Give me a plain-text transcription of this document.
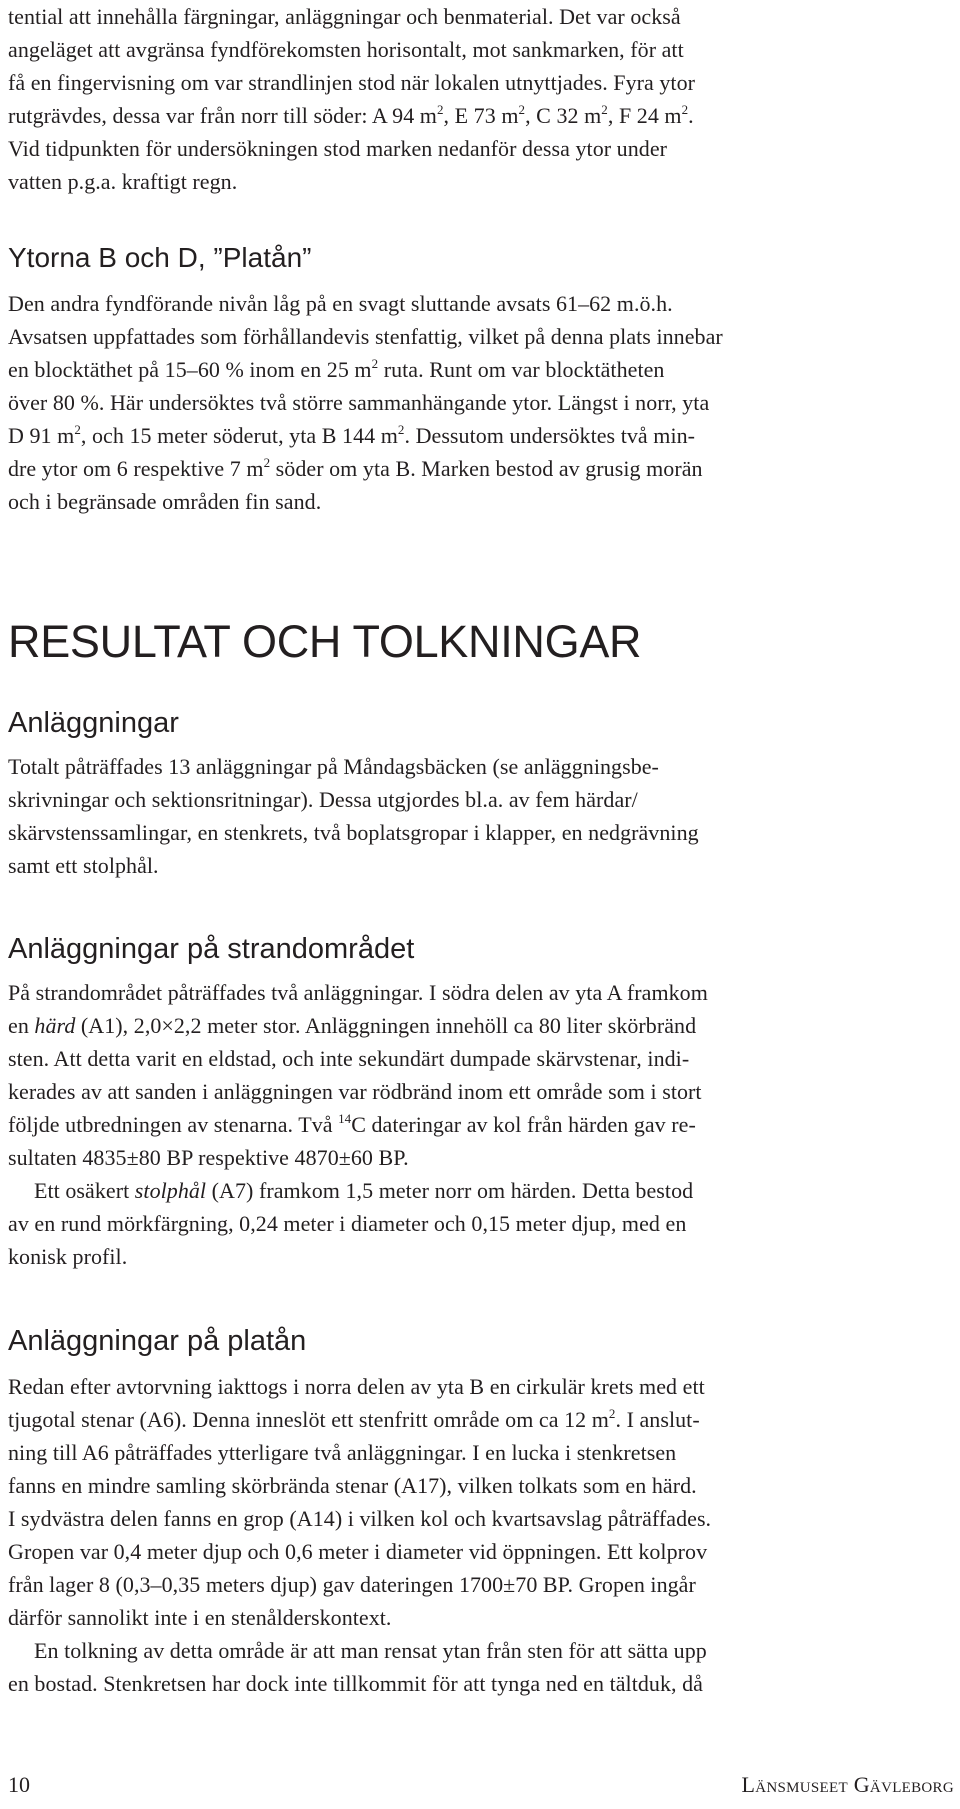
tential att innehålla färgningar, anläggningar och benmaterial. Det var också
angeläget att avgränsa fyndförekomsten horisontalt, mot sankmarken, för att
få en fingervisning om var strandlinjen stod när lokalen utnyttjades. Fyra ytor
rutgrävdes, dessa var från norr till söder: A 94 $m^2$, E 73 $m^2$, C 32 $m^2$, F 24 $m^2$.
Vid tidpunkten för undersökningen stod marken nedanför dessa ytor under
vatten p.g.a. kraftigt regn.
Ytorna B och D, ”Platån”
Den andra fyndförande nivån låg på en svagt sluttande avsats 61–62 m.ö.h.
Avsatsen uppfattades som förhållandevis stenfattig, vilket på denna plats innebar
en blocktäthet på 15–60 % inom en 25 $m^2$ ruta. Runt om var blocktätheten
över 80 %. Här undersöktes två större sammanhängande ytor. Längst i norr, yta
D 91 $m^2$, och 15 meter söderut, yta B 144 $m^2$. Dessutom undersöktes två min-
dre ytor om 6 respektive 7 $m^2$ söder om yta B. Marken bestod av grusig morän
och i begränsade områden fin sand.
RESULTAT OCH TOLKNINGAR
Anläggningar
Totalt påträffades 13 anläggningar på Måndagsbäcken (se anläggningsbe-
skrivningar och sektionsritningar). Dessa utgjordes bl.a. av fem härdar/
skärvstenssamlingar, en stenkrets, två boplatsgropar i klapper, en nedgrävning
samt ett stolphål.
Anläggningar på strandområdet
På strandområdet påträffades två anläggningar. I södra delen av yta A framkom
en härd (A1), 2,0×2,2 meter stor. Anläggningen innehöll ca 80 liter skörbränd
sten. Att detta varit en eldstad, och inte sekundärt dumpade skärvstenar, indi-
kerades av att sanden i anläggningen var rödbränd inom ett område som i stort
följde utbredningen av stenarna. Två $^{14}$C dateringar av kol från härden gav re-
sultaten 4835±80 BP respektive 4870±60 BP.
Ett osäkert stolphål (A7) framkom 1,5 meter norr om härden. Detta bestod
av en rund mörkfärgning, 0,24 meter i diameter och 0,15 meter djup, med en
konisk profil.
Anläggningar på platån
Redan efter avtorvning iakttogs i norra delen av yta B en cirkulär krets med ett
tjugotal stenar (A6). Denna inneslöt ett stenfritt område om ca 12 $m^2$. I anslut-
ning till A6 påträffades ytterligare två anläggningar. I en lucka i stenkretsen
fanns en mindre samling skörbrända stenar (A17), vilken tolkats som en härd.
I sydvästra delen fanns en grop (A14) i vilken kol och kvartsavslag påträffades.
Gropen var 0,4 meter djup och 0,6 meter i diameter vid öppningen. Ett kolprov
från lager 8 (0,3–0,35 meters djup) gav dateringen 1700±70 BP. Gropen ingår
därför sannolikt inte i en stenålderskontext.
En tolkning av detta område är att man rensat ytan från sten för att sätta upp
en bostad. Stenkretsen har dock inte tillkommit för att tynga ned en tältduk, då
10	Länsmuseet Gävleborg
